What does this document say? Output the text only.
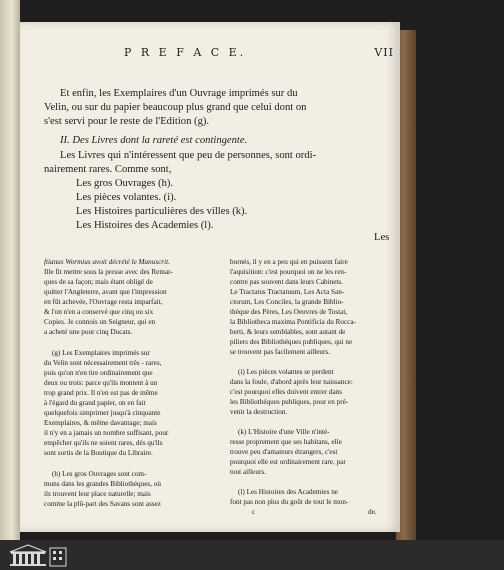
P R E F A C E.	VII
Et enfin, les Exemplaires d'un Ouvrage imprimés sur du
Velin, ou sur du papier beaucoup plus grand que celui dont on
s'est servi pour le reste de l'Edition (g).
II. Des Livres dont la rareté est contingente.
Les Livres qui n'intéressent que peu de personnes, sont ordi-
nairement rares. Comme sont,
Les gros Ouvrages (h).
Les pièces volantes. (i).
Les Histoires particulières des villes (k).
Les Histoires des Academies (l).
Les
ftianus Wormius avoit décrété le Manuscrit.
Ille fit mettre sous la presse avec des Remar-
ques de sa façon; mais étant obligé de
quitter l'Angleterre, avant que l'impression
en fût achevée, l'Ouvrage resta imparfait,
& l'on n'en a conservé que cinq ou six
Copies. Je connois un Seigneur, qui en
a acheté une pour cinq Ducats.
(g) Les Exemplaires imprimés sur
du Velin sont nécessairement très - rares,
puis qu'on n'en tire ordinairement que
deux ou trois: parce qu'ils montent à un
trop grand prix. Il n'en est pas de même
à l'égard du grand papier, on en fait
quelquefois simprimer jusqu'à cinquante
Exemplaires, & même davantage; mais
il n'y en a jamais un nombre suffisant, pour
empêcher qu'ils ne soient rares, dès qu'ils
sont sortis de la Boutique du Libraire.
(h) Les gros Ouvrages sont com-
muns dans les grandes Bibliothéques, où
ils trouvent leur place naturelle; mais
comme la plû-part des Savans sont assez
bornés, il y en a peu qui en puissent faire
l'aquisition: c'est pourquoi on ne les ren-
contre pas souvent dans leurs Cabinets.
Le Tractatus Tractatuum, Les Acta San-
ctorum, Les Conciles, la grande Biblio-
thèque des Pères, Les Oeuvres de Tostat,
la Bibliotheca maxima Pontificia du Rocca-
berti, & leurs semblables, sont autant de
piliers des Bibliothéques publiques, qui ne
se trouvent pas facilement ailleurs.
(i) Les pièces volantes se perdent
dans la foule, d'abord après leur naissance:
c'est pourquoi elles doivent entrer dans
les Bibliothéques publiques, pour en pré-
venir la destruction.
(k) L'Histoire d'une Ville n'inté-
resse proprement que ses habitans, elle
trouve peu d'amateurs étrangers, c'est
pourquoi elle est ordinairement rare, par
tout ailleurs.
(l) Les Histoires des Academies ne
font pas non plus du goût de tout le mon-
c	de.
